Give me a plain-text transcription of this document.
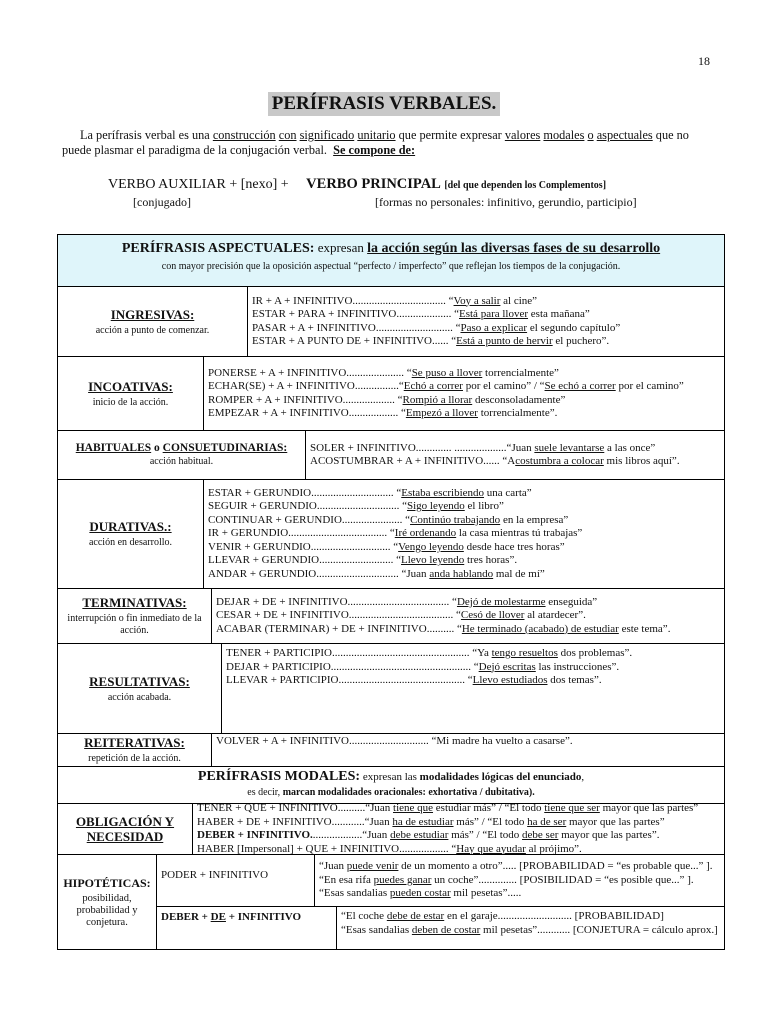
18
PERÍFRASIS VERBALES.
La perífrasis verbal es una construcción con significado unitario que permite expresar valores modales o aspectuales que no puede plasmar el paradigma de la conjugación verbal. Se compone de:
VERBO AUXILIAR + [nexo] + VERBO PRINCIPAL [del que dependen los Complementos]
[conjugado]	[formas no personales: infinitivo, gerundio, participio]
PERÍFRASIS ASPECTUALES: expresan la acción según las diversas fases de su desarrollo
con mayor precisión que la oposición aspectual “perfecto / imperfecto” que reflejan los tiempos de la conjugación.
INGRESIVAS:
acción a punto de comenzar.
IR + A + INFINITIVO.................................. “Voy a salir al cine”
ESTAR + PARA + INFINITIVO.................... “Está para llover esta mañana”
PASAR + A + INFINITIVO............................ “Paso a explicar el segundo capítulo”
ESTAR + A PUNTO DE + INFINITIVO...... “Está a punto de hervir el puchero”.
INCOATIVAS:
inicio de la acción.
PONERSE + A + INFINITIVO..................... “Se puso a llover torrencialmente”
ECHAR(SE) + A + INFINITIVO................“Echó a correr por el camino” / “Se echó a correr por el camino”
ROMPER + A + INFINITIVO................... “Rompió a llorar desconsoladamente”
EMPEZAR + A + INFINITIVO.................. “Empezó a llover torrencialmente”.
HABITUALES o CONSUETUDINARIAS:
acción habitual.
SOLER + INFINITIVO............. ...................“Juan suele levantarse a las once”
ACOSTUMBRAR + A + INFINITIVO...... “Acostumbra a colocar mis libros aquí”.
DURATIVAS.:
acción en desarrollo.
ESTAR + GERUNDIO.............................. “Estaba escribiendo una carta”
SEGUIR + GERUNDIO.............................. “Sigo leyendo el libro”
CONTINUAR + GERUNDIO...................... “Continúo trabajando en la empresa”
IR + GERUNDIO.................................... “Iré ordenando la casa mientras tú trabajas”
VENIR + GERUNDIO............................. “Vengo leyendo desde hace tres horas”
LLEVAR + GERUNDIO........................... “Llevo leyendo tres horas”.
ANDAR + GERUNDIO.............................. “Juan anda hablando mal de mí”
TERMINATIVAS:
interrupción o fin inmediato de la acción.
DEJAR + DE + INFINITIVO..................................... “Dejó de molestarme enseguida”
CESAR + DE + INFINITIVO...................................... “Cesó de llover al atardecer”.
ACABAR (TERMINAR) + DE + INFINITIVO.......... “He terminado (acabado) de estudiar este tema”.
RESULTATIVAS:
acción acabada.
TENER + PARTICIPIO.................................................. “Ya tengo resueltos dos problemas”.
DEJAR + PARTICIPIO................................................... “Dejó escritas las instrucciones”.
LLEVAR + PARTICIPIO.............................................. “Llevo estudiados dos temas”.
REITERATIVAS:
repetición de la acción.
VOLVER + A + INFINITIVO............................. “Mi madre ha vuelto a casarse”.
PERÍFRASIS MODALES: expresan las modalidades lógicas del enunciado,
es decir, marcan modalidades oracionales: exhortativa / dubitativa).
OBLIGACIÓN Y NECESIDAD
TENER + QUE + INFINITIVO..........“Juan tiene que estudiar más” / “El todo tiene que ser mayor que las partes”
HABER + DE + INFINITIVO............“Juan ha de estudiar más” / “El todo ha de ser mayor que las partes”
DEBER + INFINITIVO...................“Juan debe estudiar más” / “El todo debe ser mayor que las partes”.
HABER [Impersonal] + QUE + INFINITIVO.................. “Hay que ayudar al prójimo”.
HIPOTÉTICAS:
posibilidad, probabilidad y conjetura.
PODER + INFINITIVO
“Juan puede venir de un momento a otro”..... [PROBABILIDAD = “es probable que...” ].
“En esa rifa puedes ganar un coche”.............. [POSIBILIDAD = “es posible que...” ].
“Esas sandalias pueden costar mil pesetas”.....
DEBER + DE + INFINITIVO	“El coche debe de estar en el garaje........................... [PROBABILIDAD]
“Esas sandalias deben de costar mil pesetas”............ [CONJETURA = cálculo aprox.]
